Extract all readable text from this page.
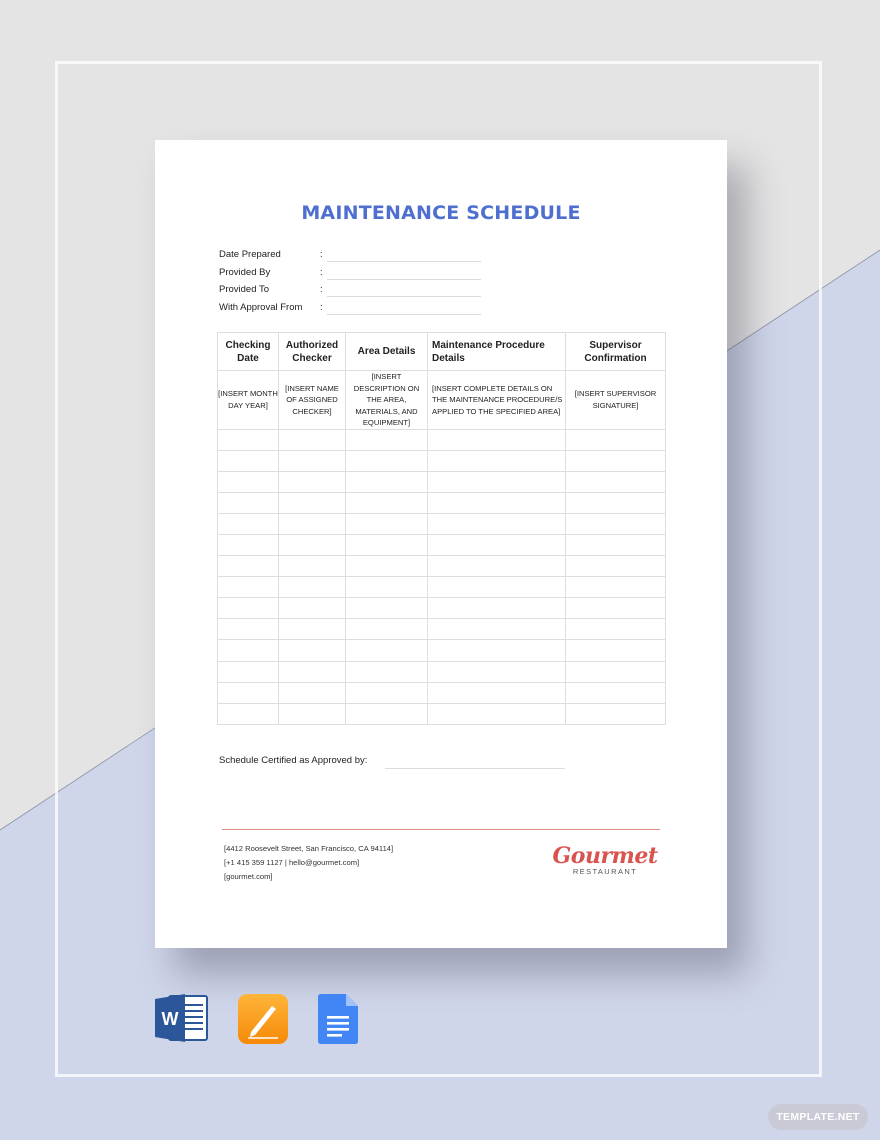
MAINTENANCE SCHEDULE
Date Prepared	:
Provided By	:
Provided To	:
With Approval From :
Checking Date	Authorized Checker	Area Details	Maintenance Procedure Details	Supervisor Confirmation
[INSERT MONTH DAY YEAR]	[INSERT NAME OF ASSIGNED CHECKER]	[INSERT DESCRIPTION ON THE AREA, MATERIALS, AND EQUIPMENT]	[INSERT COMPLETE DETAILS ON THE MAINTENANCE PROCEDURE/S APPLIED TO THE SPECIFIED AREA]	[INSERT SUPERVISOR SIGNATURE]

Schedule Certified as Approved by:
[4412 Roosevelt Street, San Francisco, CA 94114]
[+1 415 359 1127 | hello@gourmet.com]
[gourmet.com]
Gourmet
RESTAURANT
W
TEMPLATE.NET
